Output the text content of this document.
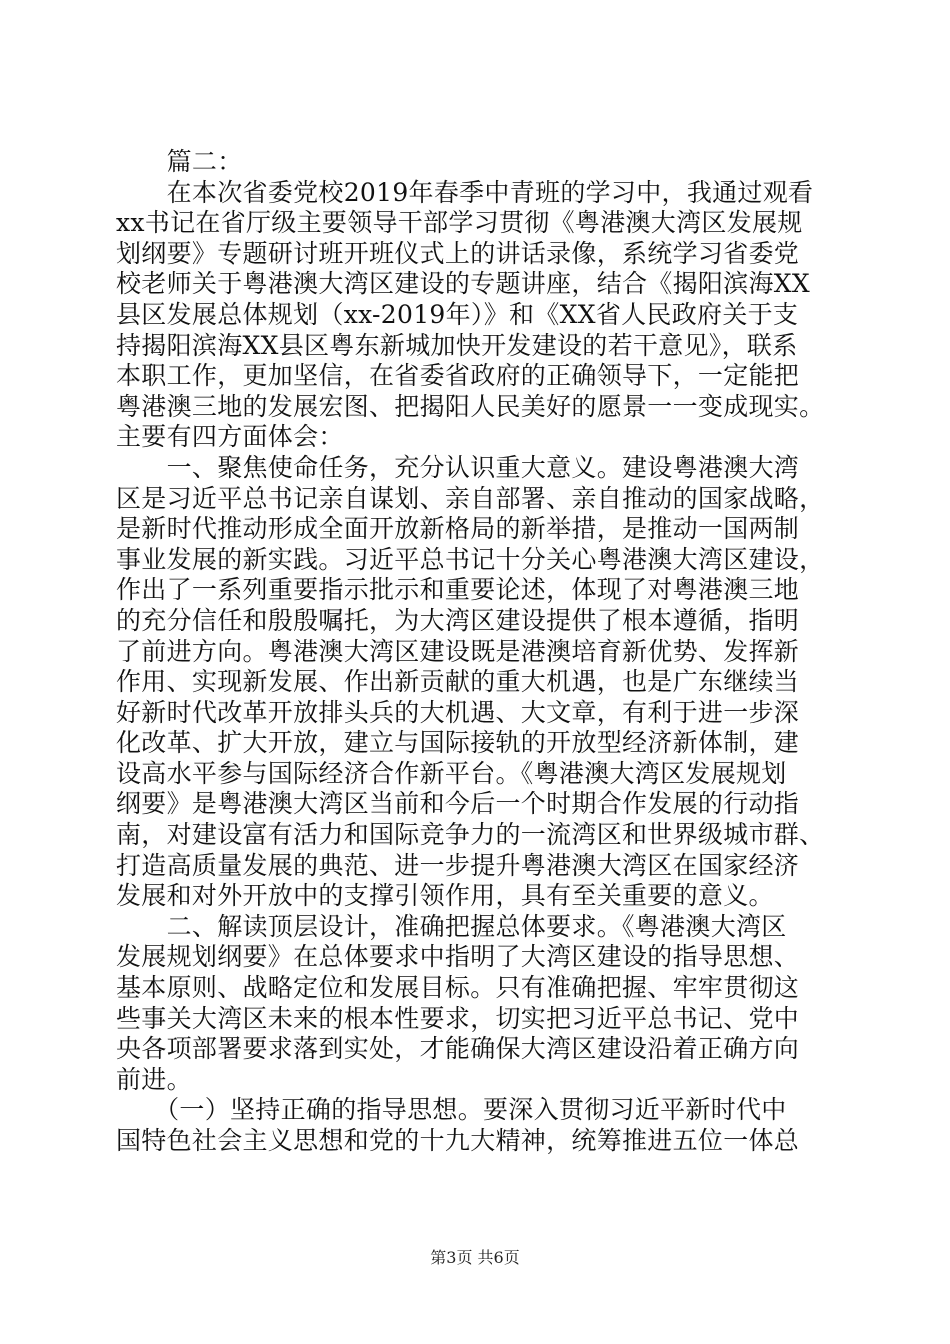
　　篇二：
　　在本次省委党校2019年春季中青班的学习中，我通过观看
xx书记在省厅级主要领导干部学习贯彻《粤港澳大湾区发展规
划纲要》专题研讨班开班仪式上的讲话录像，系统学习省委党
校老师关于粤港澳大湾区建设的专题讲座，结合《揭阳滨海XX
县区发展总体规划（xx-2019年）》和《XX省人民政府关于支
持揭阳滨海XX县区粤东新城加快开发建设的若干意见》，联系
本职工作，更加坚信，在省委省政府的正确领导下，一定能把
粤港澳三地的发展宏图、把揭阳人民美好的愿景一一变成现实。
主要有四方面体会：
　　一、聚焦使命任务，充分认识重大意义。建设粤港澳大湾
区是习近平总书记亲自谋划、亲自部署、亲自推动的国家战略，
是新时代推动形成全面开放新格局的新举措，是推动一国两制
事业发展的新实践。习近平总书记十分关心粤港澳大湾区建设，
作出了一系列重要指示批示和重要论述，体现了对粤港澳三地
的充分信任和殷殷嘱托，为大湾区建设提供了根本遵循，指明
了前进方向。粤港澳大湾区建设既是港澳培育新优势、发挥新
作用、实现新发展、作出新贡献的重大机遇，也是广东继续当
好新时代改革开放排头兵的大机遇、大文章，有利于进一步深
化改革、扩大开放，建立与国际接轨的开放型经济新体制，建
设高水平参与国际经济合作新平台。《粤港澳大湾区发展规划
纲要》是粤港澳大湾区当前和今后一个时期合作发展的行动指
南，对建设富有活力和国际竞争力的一流湾区和世界级城市群、
打造高质量发展的典范、进一步提升粤港澳大湾区在国家经济
发展和对外开放中的支撑引领作用，具有至关重要的意义。
　　二、解读顶层设计，准确把握总体要求。《粤港澳大湾区
发展规划纲要》在总体要求中指明了大湾区建设的指导思想、
基本原则、战略定位和发展目标。只有准确把握、牢牢贯彻这
些事关大湾区未来的根本性要求，切实把习近平总书记、党中
央各项部署要求落到实处，才能确保大湾区建设沿着正确方向
前进。
　　（一）坚持正确的指导思想。要深入贯彻习近平新时代中
国特色社会主义思想和党的十九大精神，统筹推进五位一体总
第3页 共6页
